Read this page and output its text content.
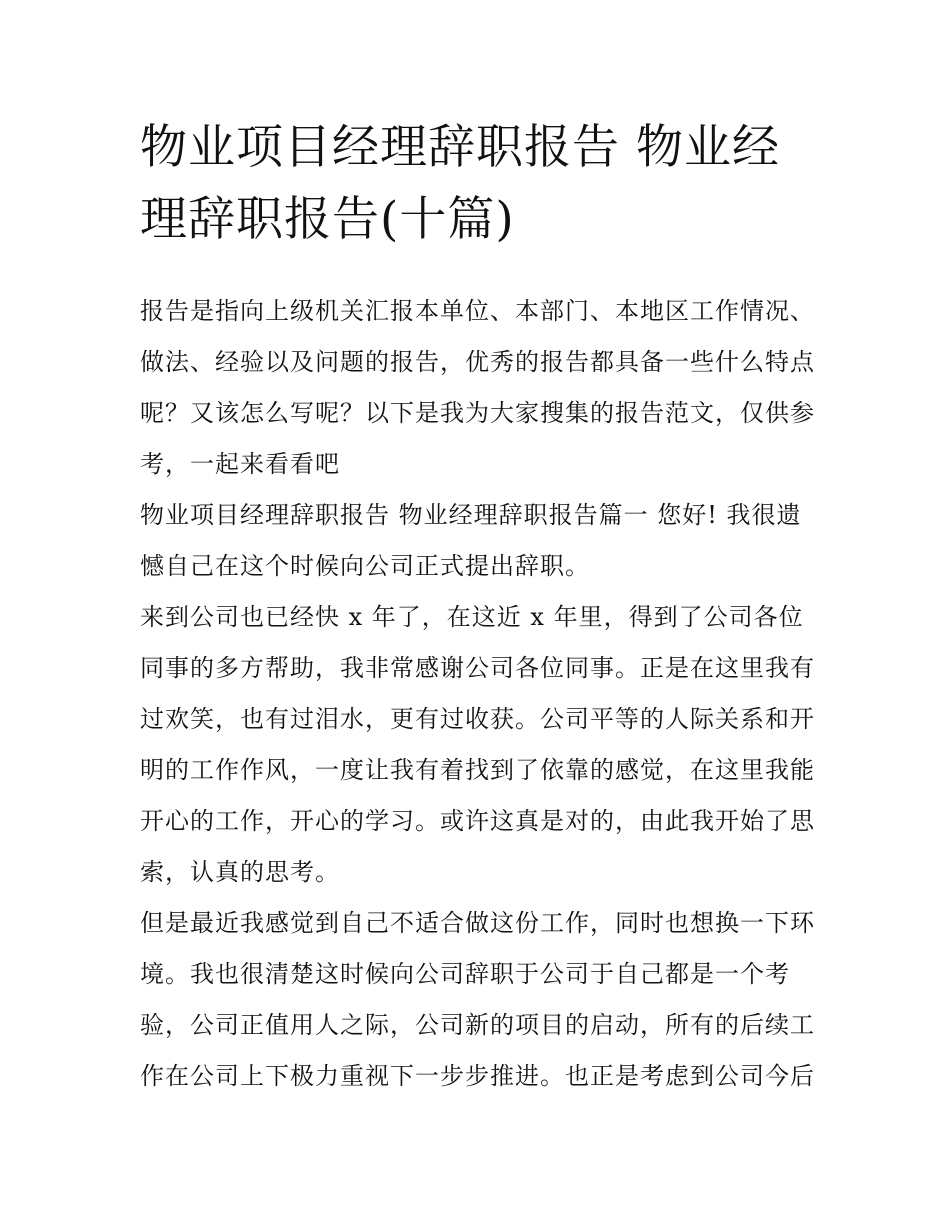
物业项目经理辞职报告 物业经理辞职报告(十篇)

报告是指向上级机关汇报本单位、本部门、本地区工作情况、做法、经验以及问题的报告，优秀的报告都具备一些什么特点呢？又该怎么写呢？以下是我为大家搜集的报告范文，仅供参考，一起来看看吧

物业项目经理辞职报告 物业经理辞职报告篇一 您好! 我很遗憾自己在这个时候向公司正式提出辞职。

来到公司也已经快 x 年了，在这近 x 年里，得到了公司各位同事的多方帮助，我非常感谢公司各位同事。正是在这里我有过欢笑，也有过泪水，更有过收获。公司平等的人际关系和开明的工作作风，一度让我有着找到了依靠的感觉，在这里我能开心的工作，开心的学习。或许这真是对的，由此我开始了思索，认真的思考。

但是最近我感觉到自己不适合做这份工作，同时也想换一下环境。我也很清楚这时候向公司辞职于公司于自己都是一个考验，公司正值用人之际，公司新的项目的启动，所有的后续工作在公司上下极力重视下一步步推进。也正是考虑到公司今后
